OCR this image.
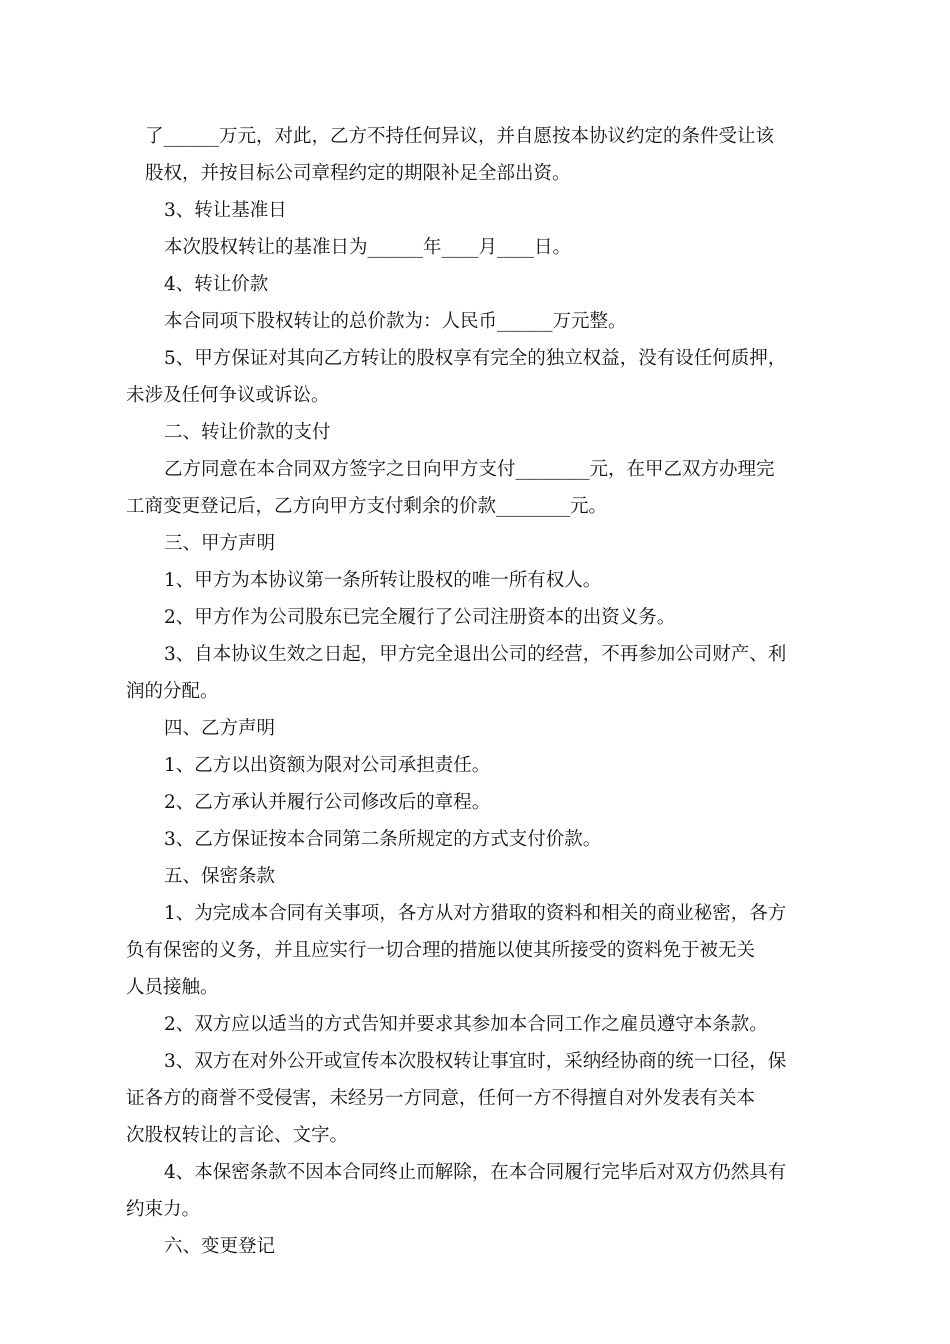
了______万元，对此，乙方不持任何异议，并自愿按本协议约定的条件受让该
股权，并按目标公司章程约定的期限补足全部出资。
3、转让基准日
本次股权转让的基准日为______年____月____日。
4、转让价款
本合同项下股权转让的总价款为：人民币______万元整。
5、甲方保证对其向乙方转让的股权享有完全的独立权益，没有设任何质押，
未涉及任何争议或诉讼。
二、转让价款的支付
乙方同意在本合同双方签字之日向甲方支付________元，在甲乙双方办理完
工商变更登记后，乙方向甲方支付剩余的价款________元。
三、甲方声明
1、甲方为本协议第一条所转让股权的唯一所有权人。
2、甲方作为公司股东已完全履行了公司注册资本的出资义务。
3、自本协议生效之日起，甲方完全退出公司的经营，不再参加公司财产、利
润的分配。
四、乙方声明
1、乙方以出资额为限对公司承担责任。
2、乙方承认并履行公司修改后的章程。
3、乙方保证按本合同第二条所规定的方式支付价款。
五、保密条款
1、为完成本合同有关事项，各方从对方猎取的资料和相关的商业秘密，各方
负有保密的义务，并且应实行一切合理的措施以使其所接受的资料免于被无关
人员接触。
2、双方应以适当的方式告知并要求其参加本合同工作之雇员遵守本条款。
3、双方在对外公开或宣传本次股权转让事宜时，采纳经协商的统一口径，保
证各方的商誉不受侵害，未经另一方同意，任何一方不得擅自对外发表有关本
次股权转让的言论、文字。
4、本保密条款不因本合同终止而解除，在本合同履行完毕后对双方仍然具有
约束力。
六、变更登记
